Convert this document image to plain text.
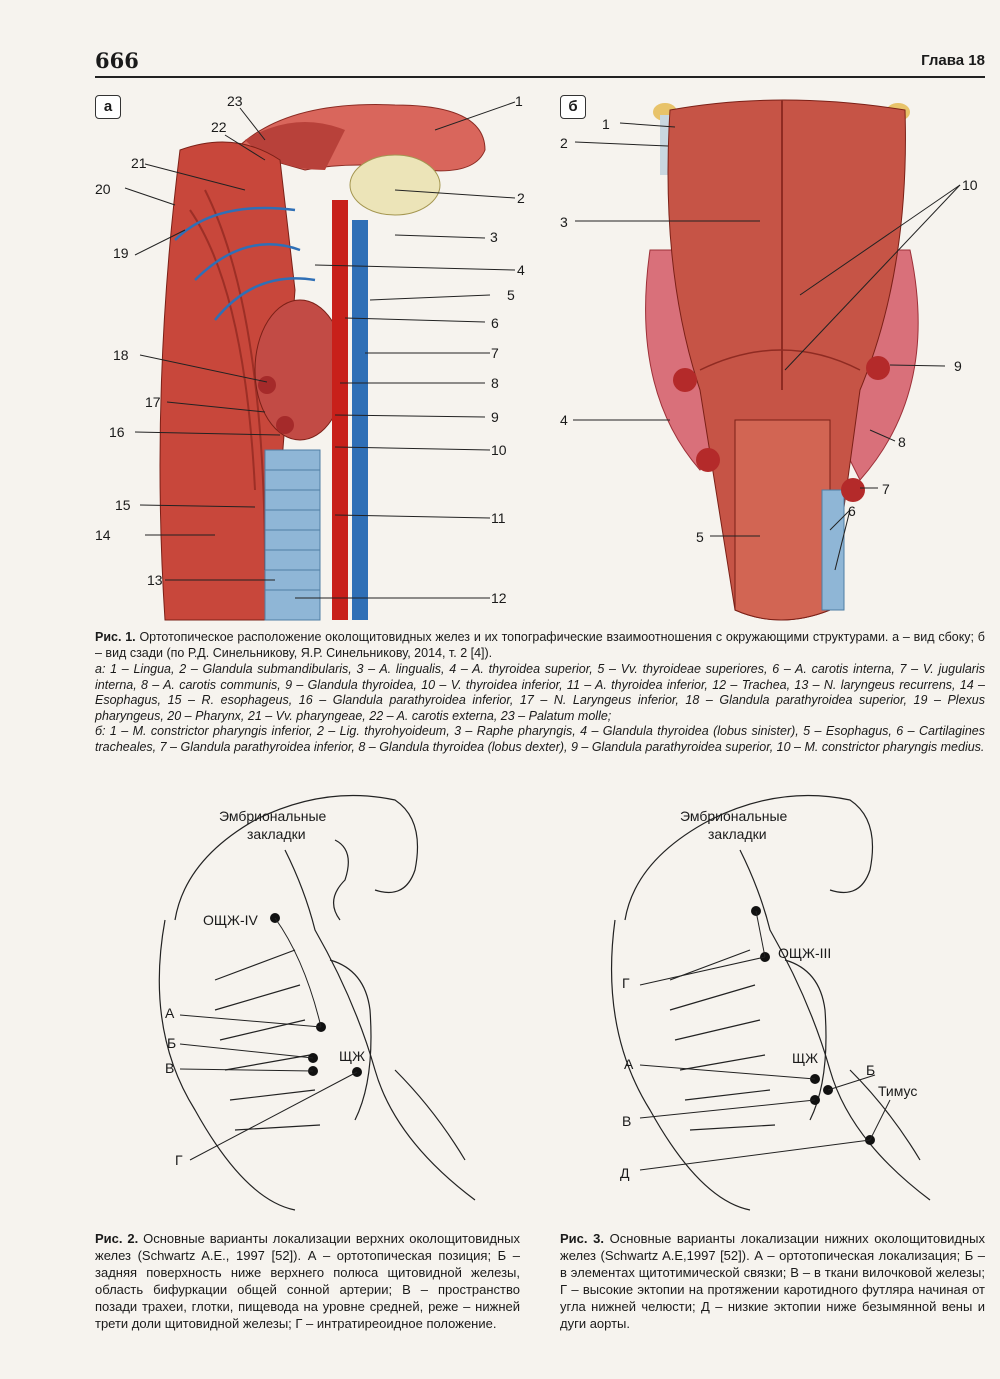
666	Глава 18
а	1
2
3
4
5
6
7
8
9
10
11
12
13
14
15
16
17
18
19
20
21
22
23	б
1
2
3
4
5
6
7
8
9
10
Рис. 1. Ортотопическое расположение околощитовидных желез и их топографические взаимоотношения с окружающими структурами. а – вид сбоку; б – вид сзади (по Р.Д. Синельникову, Я.Р. Синельникову, 2014, т. 2 [4]).
а: 1 – Lingua, 2 – Glandula submandibularis, 3 – A. lingualis, 4 – A. thyroidea superior, 5 – Vv. thyroideae superiores, 6 – A. carotis interna, 7 – V. jugularis interna, 8 – A. carotis communis, 9 – Glandula thyroidea, 10 – V. thyroidea inferior, 11 – A. thyroidea inferior, 12 – Trachea, 13 – N. laryngeus recurrens, 14 – Esophagus, 15 – R. esophageus, 16 – Glandula parathyroidea inferior, 17 – N. Laryngeus inferior, 18 – Glandula parathyroidea superior, 19 – Plexus pharyngeus, 20 – Pharynx, 21 – Vv. pharyngeae, 22 – A. carotis externa, 23 – Palatum molle;
б: 1 – M. constrictor pharyngis inferior, 2 – Lig. thyrohyoideum, 3 – Raphe pharyngis, 4 – Glandula thyroidea (lobus sinister), 5 – Esophagus, 6 – Cartilagines tracheales, 7 – Glandula parathyroidea inferior, 8 – Glandula thyroidea (lobus dexter), 9 – Glandula parathyroidea superior, 10 – M. constrictor pharyngis medius.
Эмбриональные
закладки
ОЩЖ-IV
ЩЖ
А
Б
В
Г
Эмбриональные
закладки
ОЩЖ-III
ЩЖ
Тимус
Г
А	Б
В
Д
Рис. 2. Основные варианты локализации верхних околощитовидных желез (Schwartz A.E., 1997 [52]). А – ортотопическая позиция; Б – задняя поверхность ниже верхнего полюса щитовидной железы, область бифуркации общей сонной артерии; В – пространство позади трахеи, глотки, пищевода на уровне средней, реже – нижней трети доли щитовидной железы; Г – интратиреоидное положение.
Рис. 3. Основные варианты локализации нижних околощитовидных желез (Schwartz A.E,1997 [52]). А – ортотопическая локализация; Б – в элементах щитотимической связки; В – в ткани вилочковой железы; Г – высокие эктопии на протяжении каротидного футляра начиная от угла нижней челюсти; Д – низкие эктопии ниже безымянной вены и дуги аорты.
